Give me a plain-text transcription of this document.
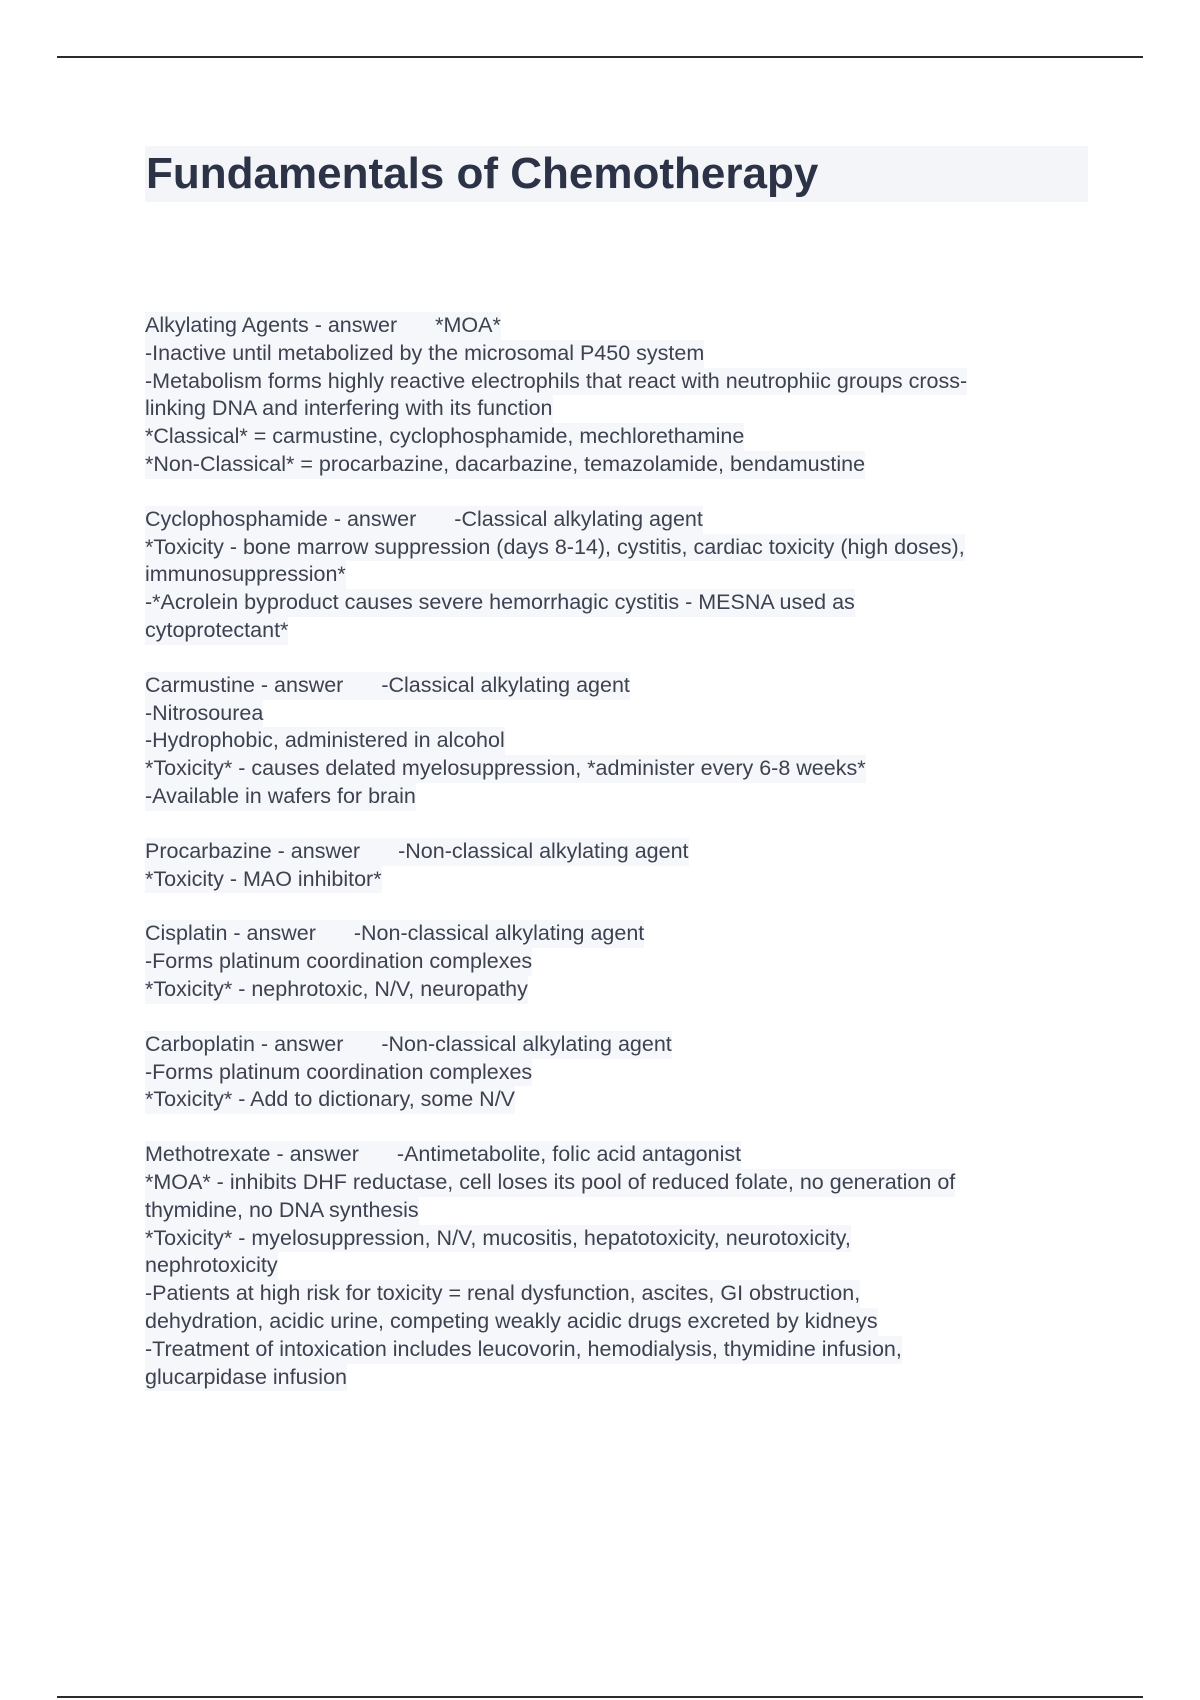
Fundamentals of Chemotherapy
Alkylating Agents - answer *MOA*
-Inactive until metabolized by the microsomal P450 system
-Metabolism forms highly reactive electrophils that react with neutrophiic groups cross-
linking DNA and interfering with its function
*Classical* = carmustine, cyclophosphamide, mechlorethamine
*Non-Classical* = procarbazine, dacarbazine, temazolamide, bendamustine
Cyclophosphamide - answer -Classical alkylating agent
*Toxicity - bone marrow suppression (days 8-14), cystitis, cardiac toxicity (high doses),
immunosuppression*
-*Acrolein byproduct causes severe hemorrhagic cystitis - MESNA used as
cytoprotectant*
Carmustine - answer -Classical alkylating agent
-Nitrosourea
-Hydrophobic, administered in alcohol
*Toxicity* - causes delated myelosuppression, *administer every 6-8 weeks*
-Available in wafers for brain
Procarbazine - answer -Non-classical alkylating agent
*Toxicity - MAO inhibitor*
Cisplatin - answer -Non-classical alkylating agent
-Forms platinum coordination complexes
*Toxicity* - nephrotoxic, N/V, neuropathy
Carboplatin - answer -Non-classical alkylating agent
-Forms platinum coordination complexes
*Toxicity* - Add to dictionary, some N/V
Methotrexate - answer -Antimetabolite, folic acid antagonist
*MOA* - inhibits DHF reductase, cell loses its pool of reduced folate, no generation of
thymidine, no DNA synthesis
*Toxicity* - myelosuppression, N/V, mucositis, hepatotoxicity, neurotoxicity,
nephrotoxicity
-Patients at high risk for toxicity = renal dysfunction, ascites, GI obstruction,
dehydration, acidic urine, competing weakly acidic drugs excreted by kidneys
-Treatment of intoxication includes leucovorin, hemodialysis, thymidine infusion,
glucarpidase infusion
